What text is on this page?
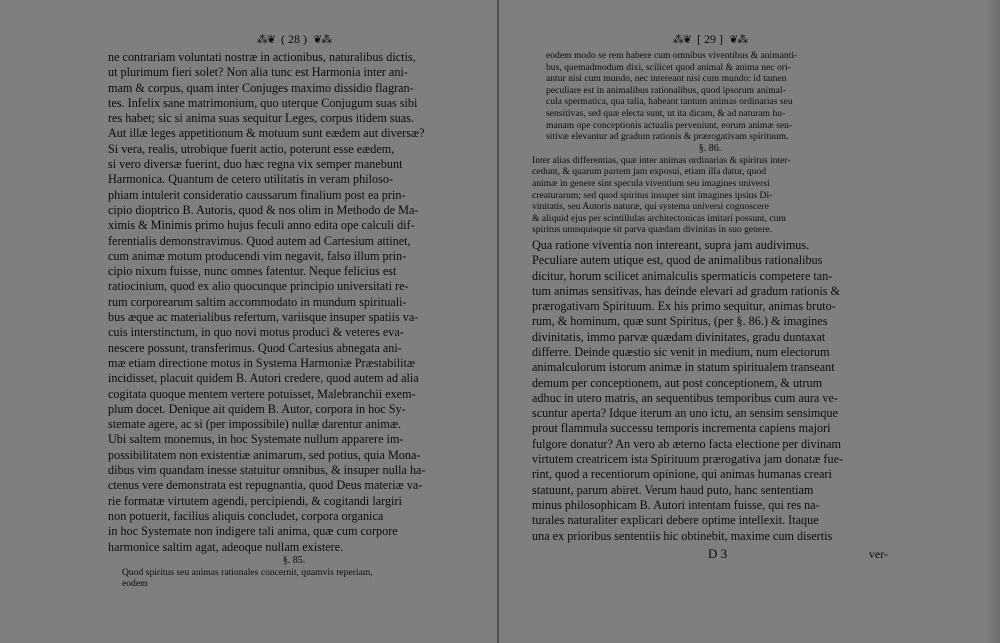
⁂❦ ( 28 ) ❦⁂
ne contrariam voluntati nostræ in actionibus, naturalibus dictis,
ut plurimum fieri solet? Non alia tunc est Harmonia inter ani-
mam & corpus, quam inter Conjuges maximo dissidio flagran-
tes. Infelix sane matrimonium, quo uterque Conjugum suas sibi
res habet; sic si anima suas sequitur Leges, corpus itidem suas.
Aut illæ leges appetitionum & motuum sunt eædem aut diversæ?
Si vera, realis, utrobique fuerit actio, poterunt esse eædem,
si vero diversæ fuerint, duo hæc regna vix semper manebunt
Harmonica. Quantum de cetero utilitatis in veram philoso-
phiam intulerit consideratio caussarum finalium post ea prin-
cipio dioptrico B. Autoris, quod & nos olim in Methodo de Ma-
ximis & Minimis primo hujus feculi anno edita ope calculi dif-
ferentialis demonstravimus. Quod autem ad Cartesium attinet,
cum animæ motum producendi vim negavit, falso illum prin-
cipio nixum fuisse, nunc omnes fatentur. Neque felicius est
ratiocinium, quod ex alio quocunque principio universitati re-
rum corporearum saltim accommodato in mundum spirituali-
bus æque ac materialibus refertum, variisque insuper spatiis va-
cuis interstinctum, in quo novi motus produci & veteres eva-
nescere possunt, transferimus. Quod Cartesius abnegata ani-
mæ etiam directione motus in Systema Harmoniæ Præstabilitæ
incidisset, placuit quidem B. Autori credere, quod autem ad alia
cogitata quoque mentem vertere potuisset, Malebranchii exem-
plum docet. Denique ait quidem B. Autor, corpora in hoc Sy-
stemate agere, ac si (per impossibile) nullæ darentur animæ.
Ubi saltem monemus, in hoc Systemate nullum apparere im-
possibilitatem non existentiæ animarum, sed potius, quia Mona-
dibus vim quandam inesse statuitur omnibus, & insuper nulla ha-
ctenus vere demonstrata est repugnantia, quod Deus materiæ va-
rie formatæ virtutem agendi, percipiendi, & cogitandi largiri
non potuerit, facilius aliquis concludet, corpora organica
in hoc Systemate non indigere tali anima, quæ cum corpore
harmonice saltim agat, adeoque nullam existere.
§. 85.
Quod spiritus seu animas rationales concernit, quamvis reperiam,
eodem
⁂❦ [ 29 ] ❦⁂
eodem modo se rem habere cum omnibus viventibus & animanti-
bus, quemadmodum dixi, scilicet quod animal & anima nec ori-
antur nisi cum mundo, nec intereant nisi cum mundo: id tamen
peculiare est in animalibus rationalibus, quod ipsorum animal-
cula spermatica, qua talia, habeant tantum animas ordinarias seu
sensitivas, sed quæ electa sunt, ut ita dicam, & ad naturam hu-
manam ope conceptionis actualis perveniunt, eorum animæ sen-
sitivæ elevantur ad gradum rationis & prærogativam spirituum.
§. 86.
Inter alias differentias, quæ inter animas ordinarias & spiritus inter-
cedunt, & quarum partem jam exposui, etiam illa datur, quod
animæ in genere sint specula viventium seu imagines universi
creaturarum; sed quod spiritus insuper sint imagines ipsius Di-
vinitatis, seu Autoris naturæ, qui systema universi cognoscere
& aliquid ejus per scintillulas architectonicas imitari possunt, cum
spiritus unusquisque sit parva quædam divinitas in suo genere.
Qua ratione viventia non intereant, supra jam audivimus.
Peculiare autem utique est, quod de animalibus rationalibus
dicitur, horum scilicet animalculis spermaticis competere tan-
tum animas sensitivas, has deinde elevari ad gradum rationis &
prærogativam Spirituum. Ex his primo sequitur, animas bruto-
rum, & hominum, quæ sunt Spiritus, (per §. 86.) & imagines
divinitatis, immo parvæ quædam divinitates, gradu duntaxat
differre. Deinde quæstio sic venit in medium, num electorum
animalculorum istorum animæ in statum spiritualem transeant
demum per conceptionem, aut post conceptionem, & utrum
adhuc in utero matris, an sequentibus temporibus cum aura ve-
scuntur aperta? Idque iterum an uno ictu, an sensim sensimque
prout flammula successu temporis incrementa capiens majori
fulgore donatur? An vero ab æterno facta electione per divinam
virtutem creatricem ista Spirituum prærogativa jam donatæ fue-
rint, quod a recentiorum opinione, qui animas humanas creari
statuunt, parum abiret. Verum haud puto, hanc sententiam
minus philosophicam B. Autori intentam fuisse, qui res na-
turales naturaliter explicari debere optime intellexit. Itaque
una ex prioribus sententiis hic obtinebit, maxime cum disertis
D 3	ver-
